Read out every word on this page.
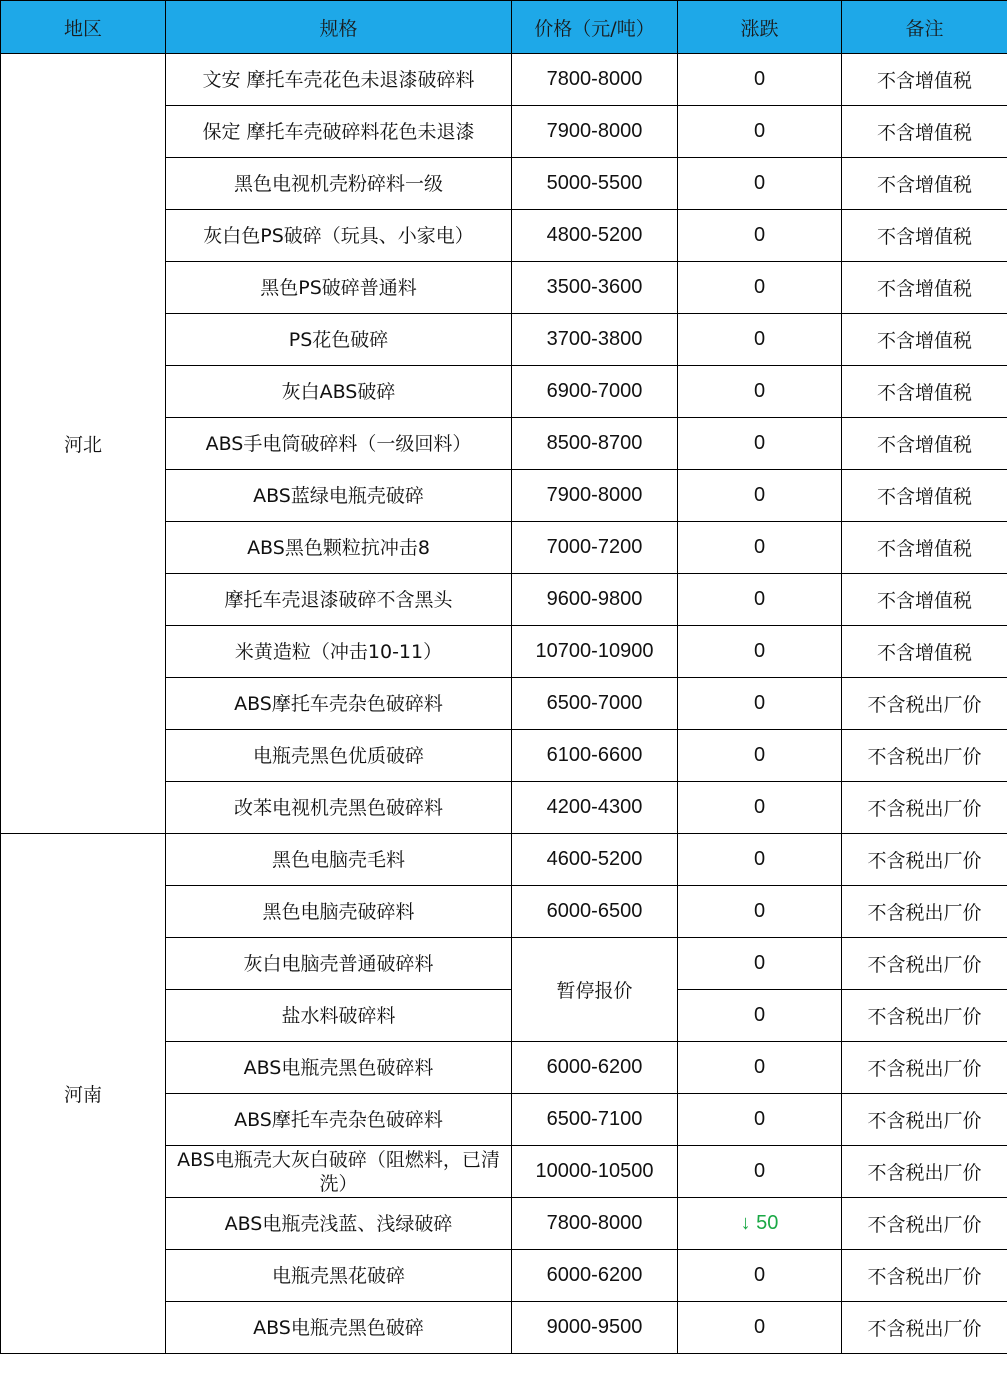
地区	规格	价格（元/吨）	涨跌	备注
河北	文安 摩托车壳花色未退漆破碎料	7800-8000	0	不含增值税
	保定 摩托车壳破碎料花色未退漆	7900-8000	0	不含增值税
	黑色电视机壳粉碎料一级	5000-5500	0	不含增值税
	灰白色PS破碎（玩具、小家电）	4800-5200	0	不含增值税
	黑色PS破碎普通料	3500-3600	0	不含增值税
	PS花色破碎	3700-3800	0	不含增值税
	灰白ABS破碎	6900-7000	0	不含增值税
	ABS手电筒破碎料（一级回料）	8500-8700	0	不含增值税
	ABS蓝绿电瓶壳破碎	7900-8000	0	不含增值税
	ABS黑色颗粒抗冲击8	7000-7200	0	不含增值税
	摩托车壳退漆破碎不含黑头	9600-9800	0	不含增值税
	米黄造粒（冲击10-11）	10700-10900	0	不含增值税
	ABS摩托车壳杂色破碎料	6500-7000	0	不含税出厂价
	电瓶壳黑色优质破碎	6100-6600	0	不含税出厂价
	改苯电视机壳黑色破碎料	4200-4300	0	不含税出厂价
河南	黑色电脑壳毛料	4600-5200	0	不含税出厂价
	黑色电脑壳破碎料	6000-6500	0	不含税出厂价
	灰白电脑壳普通破碎料	暂停报价	0	不含税出厂价
	盐水料破碎料		0	不含税出厂价
	ABS电瓶壳黑色破碎料	6000-6200	0	不含税出厂价
	ABS摩托车壳杂色破碎料	6500-7100	0	不含税出厂价
	ABS电瓶壳大灰白破碎（阻燃料，已清洗）	10000-10500	0	不含税出厂价
	ABS电瓶壳浅蓝、浅绿破碎	7800-8000	↓ 50	不含税出厂价
	电瓶壳黑花破碎	6000-6200	0	不含税出厂价
	ABS电瓶壳黑色破碎	9000-9500	0	不含税出厂价
